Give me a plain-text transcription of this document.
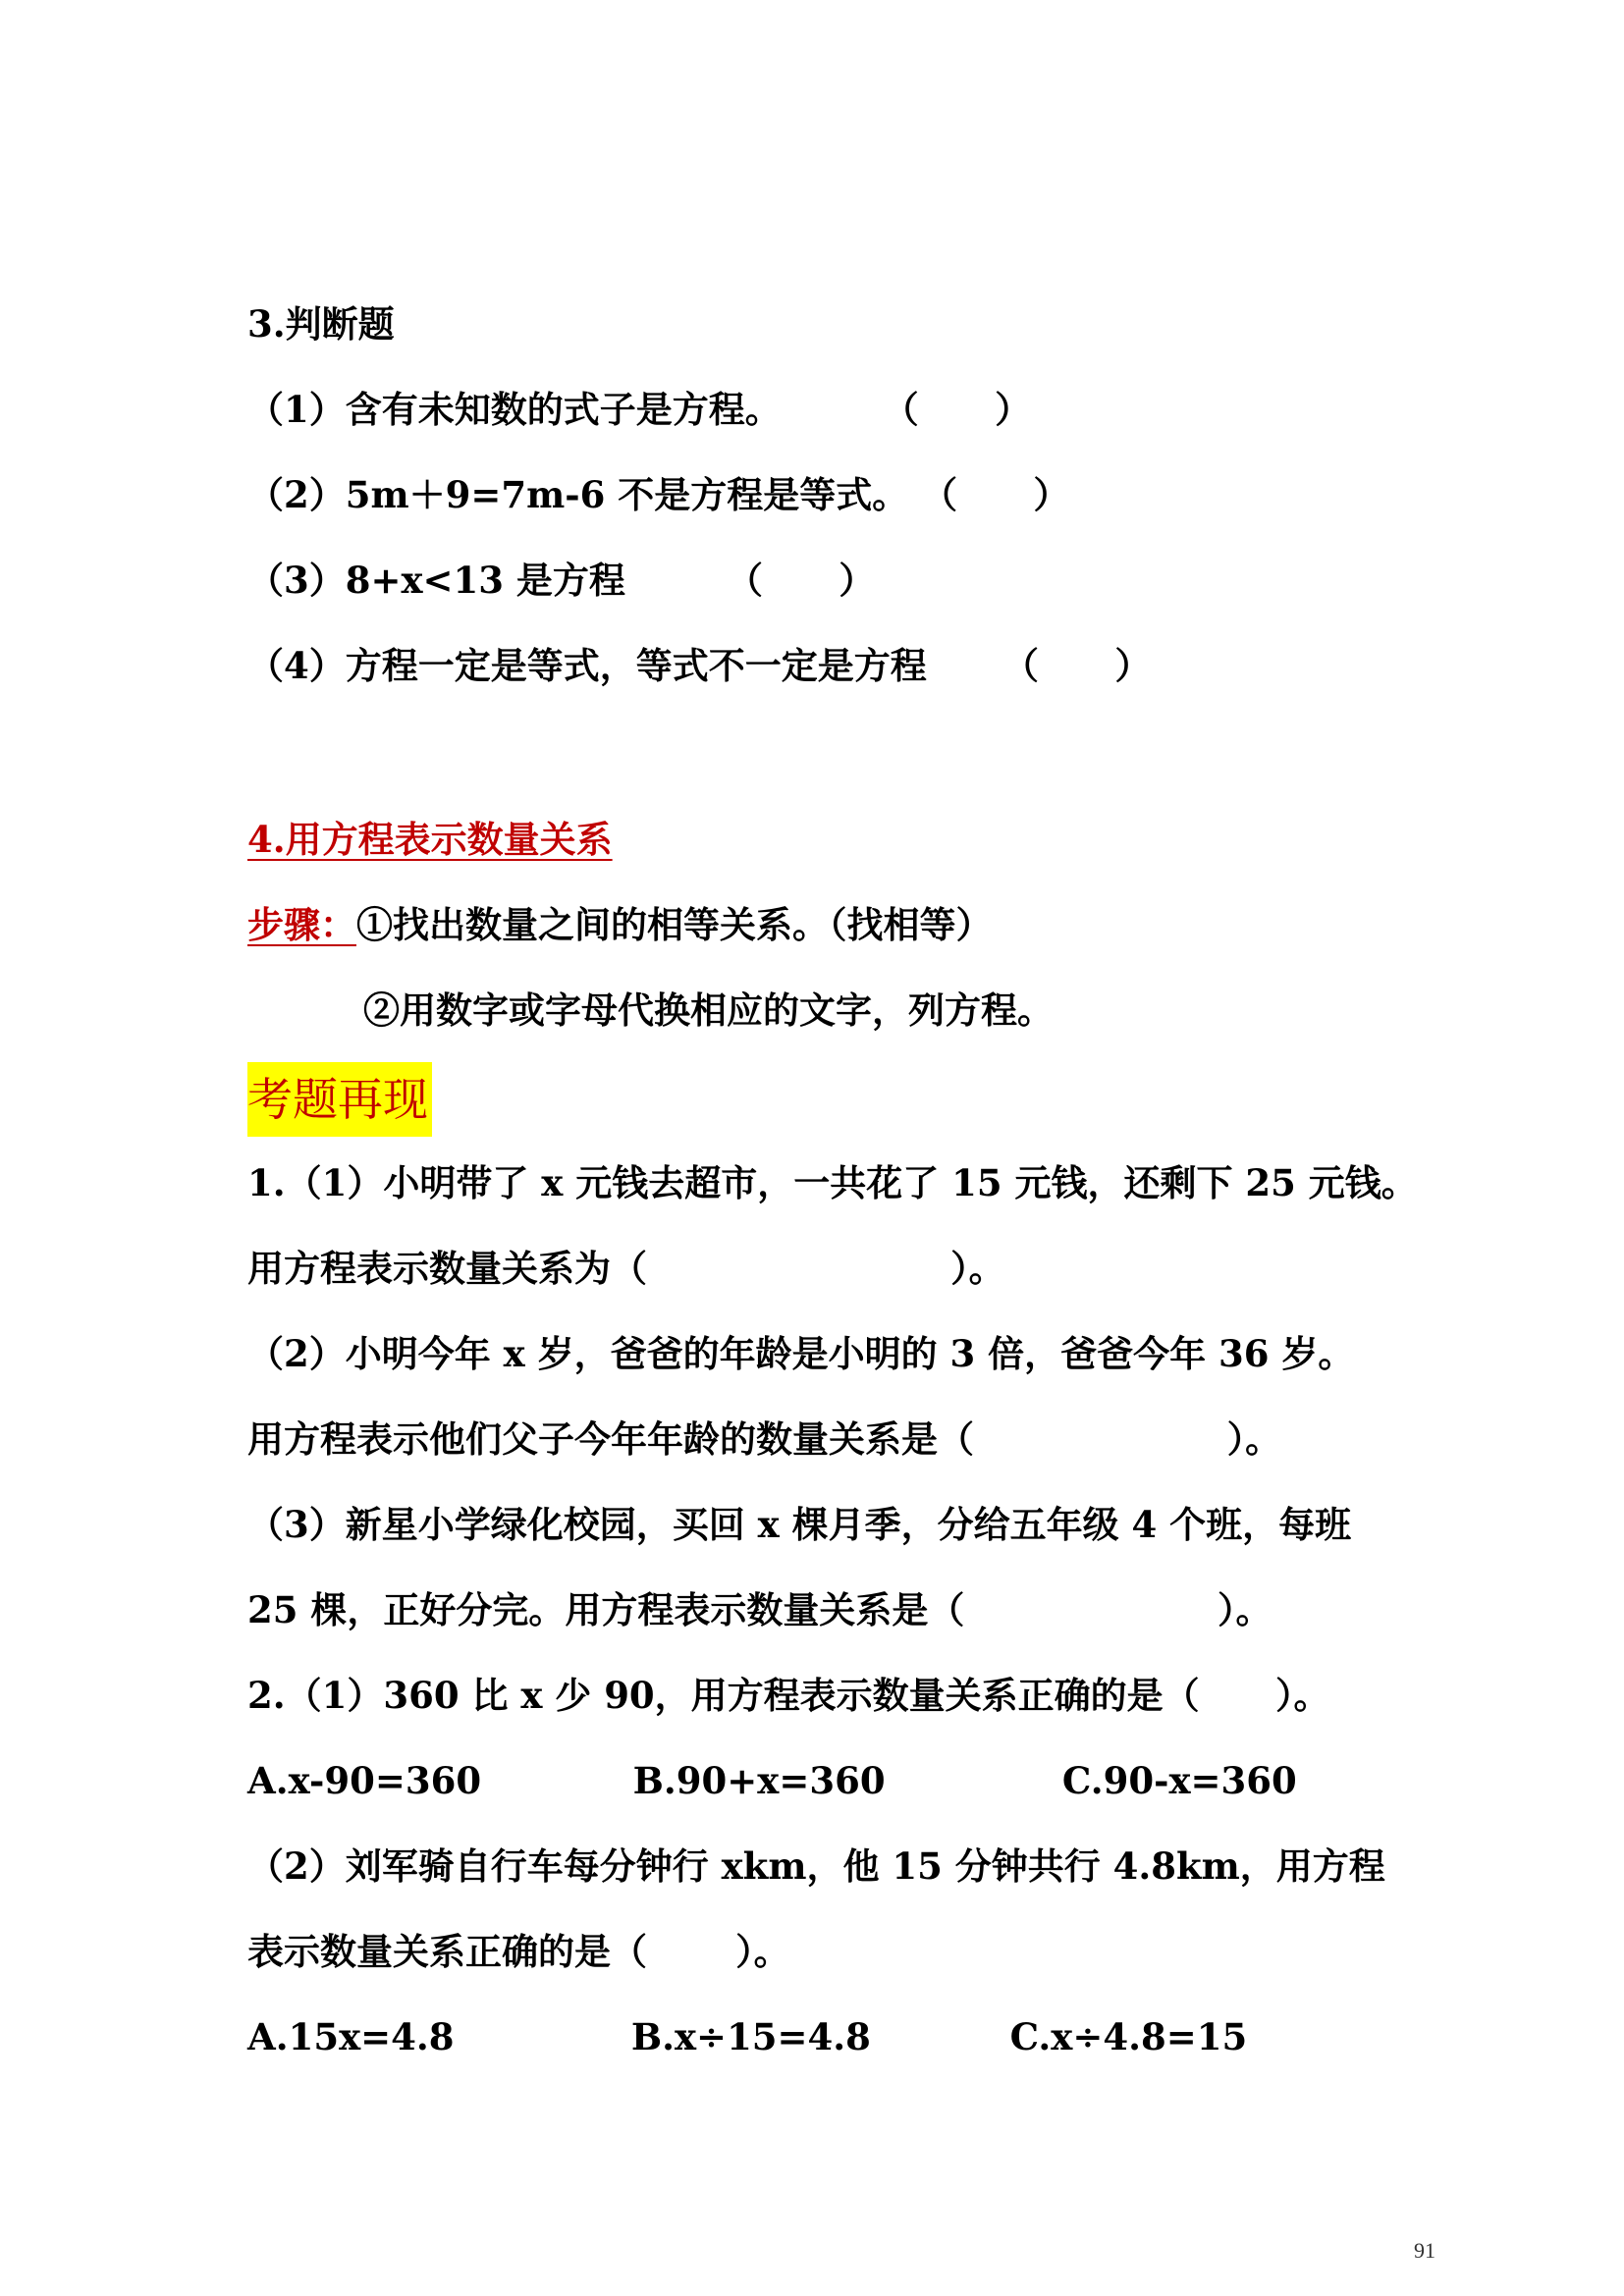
3.判断题
（1）含有未知数的式子是方程。        （      ）
（2）5m＋9=7m-6 不是方程是等式。 （      ）
（3）8+x<13 是方程        （      ）
（4）方程一定是等式，等式不一定是方程      （      ）
4.用方程表示数量关系
步骤：①找出数量之间的相等关系。（找相等）
②用数字或字母代换相应的文字，列方程。
考题再现
1.（1）小明带了 x 元钱去超市，一共花了 15 元钱，还剩下 25 元钱。
用方程表示数量关系为（                        ）。
（2）小明今年 x 岁，爸爸的年龄是小明的 3 倍，爸爸今年 36 岁。
用方程表示他们父子今年年龄的数量关系是（                    ）。
（3）新星小学绿化校园，买回 x 棵月季，分给五年级 4 个班，每班
25 棵，正好分完。用方程表示数量关系是（                    ）。
2.（1）360 比 x 少 90，用方程表示数量关系正确的是（      ）。
A.x-90=360            B.90+x=360              C.90-x=360
（2）刘军骑自行车每分钟行 xkm，他 15 分钟共行 4.8km，用方程
表示数量关系正确的是（       ）。
A.15x=4.8              B.x÷15=4.8           C.x÷4.8=15
91
